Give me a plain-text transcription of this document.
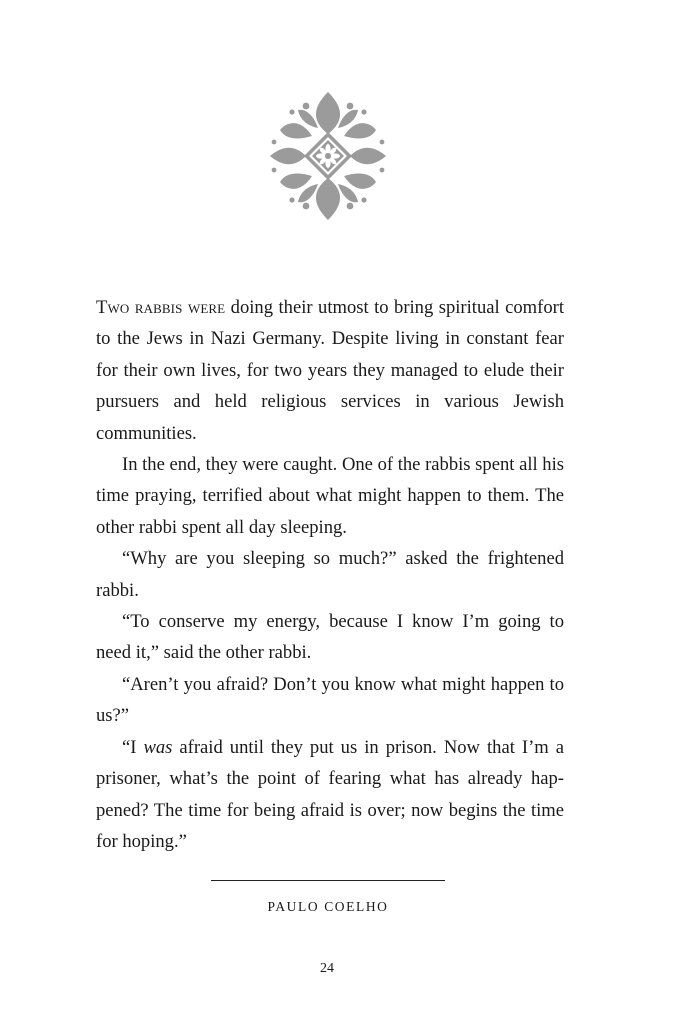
Two rabbis were doing their utmost to bring spiritual comfort to the Jews in Nazi Germany. Despite living in constant fear for their own lives, for two years they managed to elude their pursuers and held religious services in various Jewish communities.

In the end, they were caught. One of the rabbis spent all his time praying, terrified about what might happen to them. The other rabbi spent all day sleeping.

“Why are you sleeping so much?” asked the frightened rabbi.

“To conserve my energy, because I know I’m going to need it,” said the other rabbi.

“Aren’t you afraid? Don’t you know what might happen to us?”

“I was afraid until they put us in prison. Now that I’m a prisoner, what’s the point of fearing what has already happened? The time for being afraid is over; now begins the time for hoping.”

PAULO COELHO
24
